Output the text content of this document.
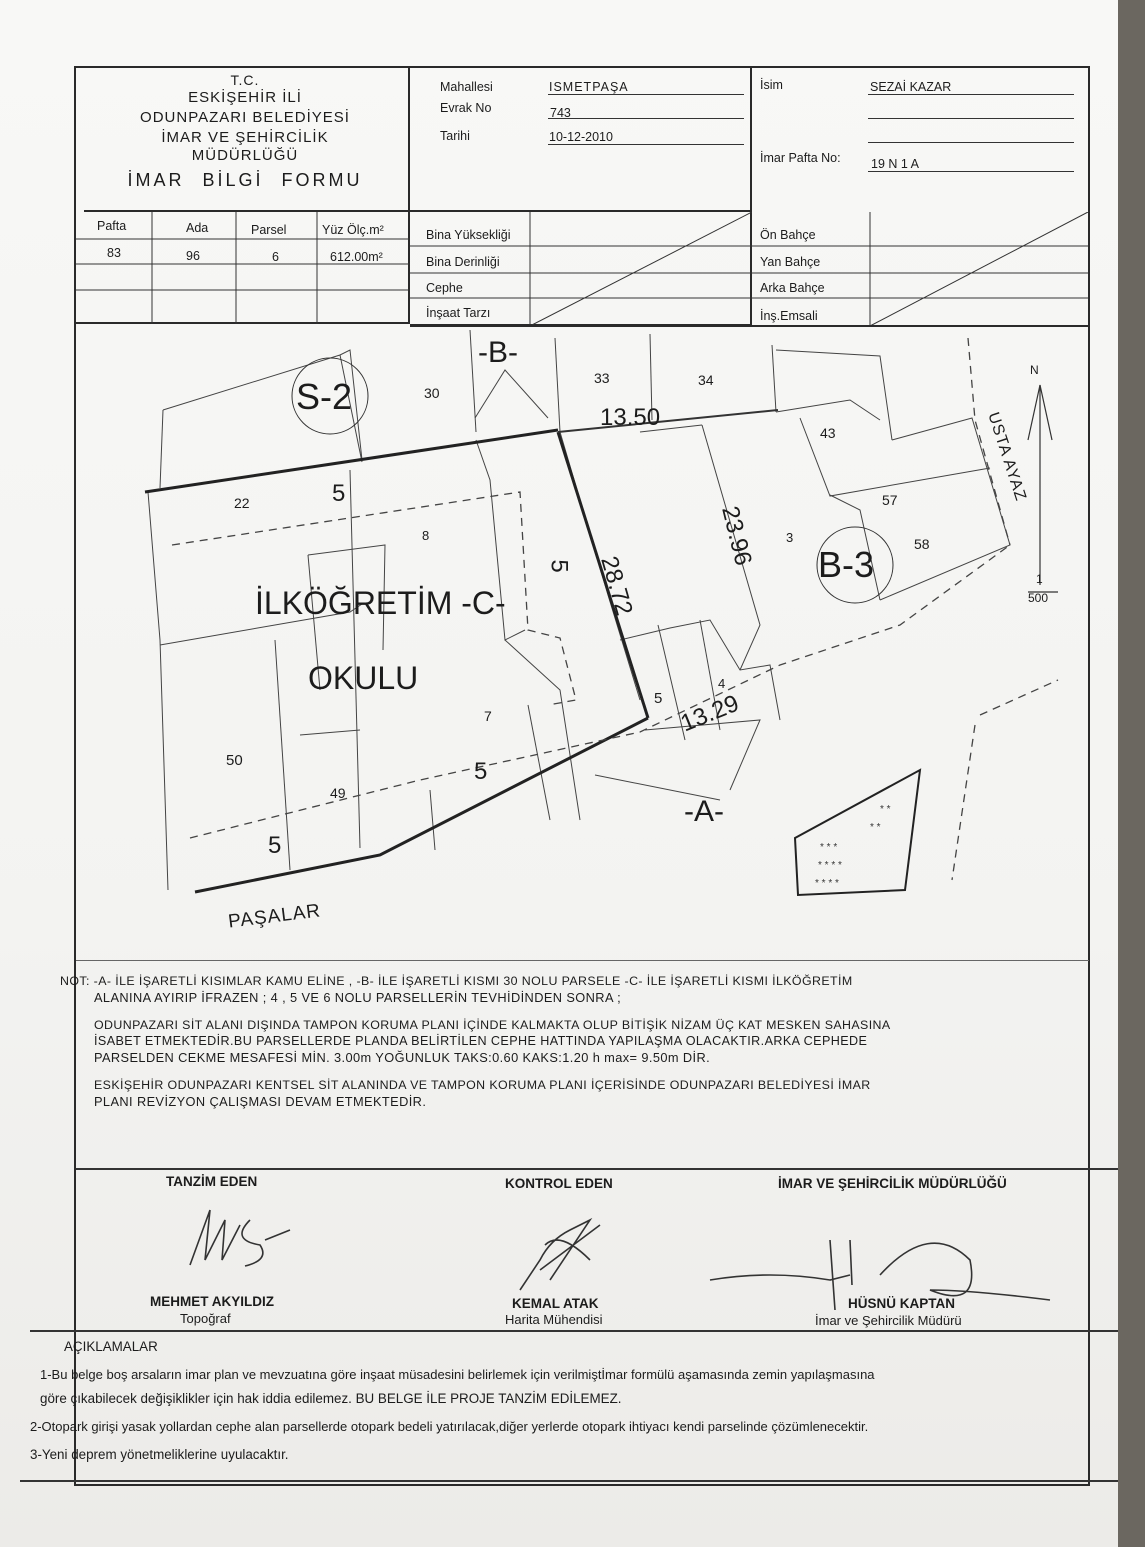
T.C.
ESKİŞEHİR İLİ
ODUNPAZARI BELEDİYESİ
İMAR VE ŞEHİRCİLİK
MÜDÜRLÜĞÜ
İMAR BİLGİ FORMU
Mahallesi	ISMETPAŞA
Evrak No	743
Tarihi	10-12-2010
İsim	SEZAİ KAZAR
İmar Pafta No: 19 N 1 A
Pafta	Ada	Parsel	Yüz Ölç.m²
83	96	6	612.00m²
Bina Yüksekliği
Bina Derinliği
Cephe
İnşaat Tarzı
Ön Bahçe
Yan Bahçe
Arka Bahçe
İnş.Emsali
* * *
* * * *
* * * *
* *
* *
-B-
-A-
İLKÖĞRETİM -C-
OKULU
S-2
B-3
30
33	34
43
57
58
22
8
7
3
50
49
4
5
13.50
28.72
23.96
13.29
5
5
5
5
PAŞALAR
USTA AYAZ
N
1
500
NOT: -A- İLE İŞARETLİ KISIMLAR KAMU ELİNE , -B- İLE İŞARETLİ KISMI 30 NOLU PARSELE -C- İLE İŞARETLİ KISMI İLKÖĞRETİM
ALANINA AYIRIP İFRAZEN ; 4 , 5 VE 6 NOLU PARSELLERİN TEVHİDİNDEN SONRA ;
ODUNPAZARI SİT ALANI DIŞINDA TAMPON KORUMA PLANI İÇİNDE KALMAKTA OLUP BİTİŞİK NİZAM ÜÇ KAT MESKEN SAHASINA
İSABET ETMEKTEDİR.BU PARSELLERDE PLANDA BELİRTİLEN CEPHE HATTINDA YAPILAŞMA OLACAKTIR.ARKA CEPHEDE
PARSELDEN CEKME MESAFESİ MİN. 3.00m YOĞUNLUK TAKS:0.60 KAKS:1.20 h max= 9.50m DİR.
ESKİŞEHİR ODUNPAZARI KENTSEL SİT ALANINDA VE TAMPON KORUMA PLANI İÇERİSİNDE ODUNPAZARI BELEDİYESİ İMAR
PLANI REVİZYON ÇALIŞMASI DEVAM ETMEKTEDİR.
TANZİM EDEN	KONTROL EDEN	İMAR VE ŞEHİRCİLİK MÜDÜRLÜĞÜ
MEHMET AKYILDIZ
Topoğraf
KEMAL ATAK
Harita Mühendisi
HÜSNÜ KAPTAN
İmar ve Şehircilik Müdürü
AÇIKLAMALAR
1-Bu belge boş arsaların imar plan ve mevzuatına göre inşaat müsadesini belirlemek için verilmiştİmar formülü aşamasında zemin yapılaşmasına
göre çıkabilecek değişiklikler için hak iddia edilemez. BU BELGE İLE PROJE TANZİM EDİLEMEZ.
2-Otopark girişi yasak yollardan cephe alan parsellerde otopark bedeli yatırılacak,diğer yerlerde otopark ihtiyacı kendi parselinde çözümlenecektir.
3-Yeni deprem yönetmeliklerine uyulacaktır.
